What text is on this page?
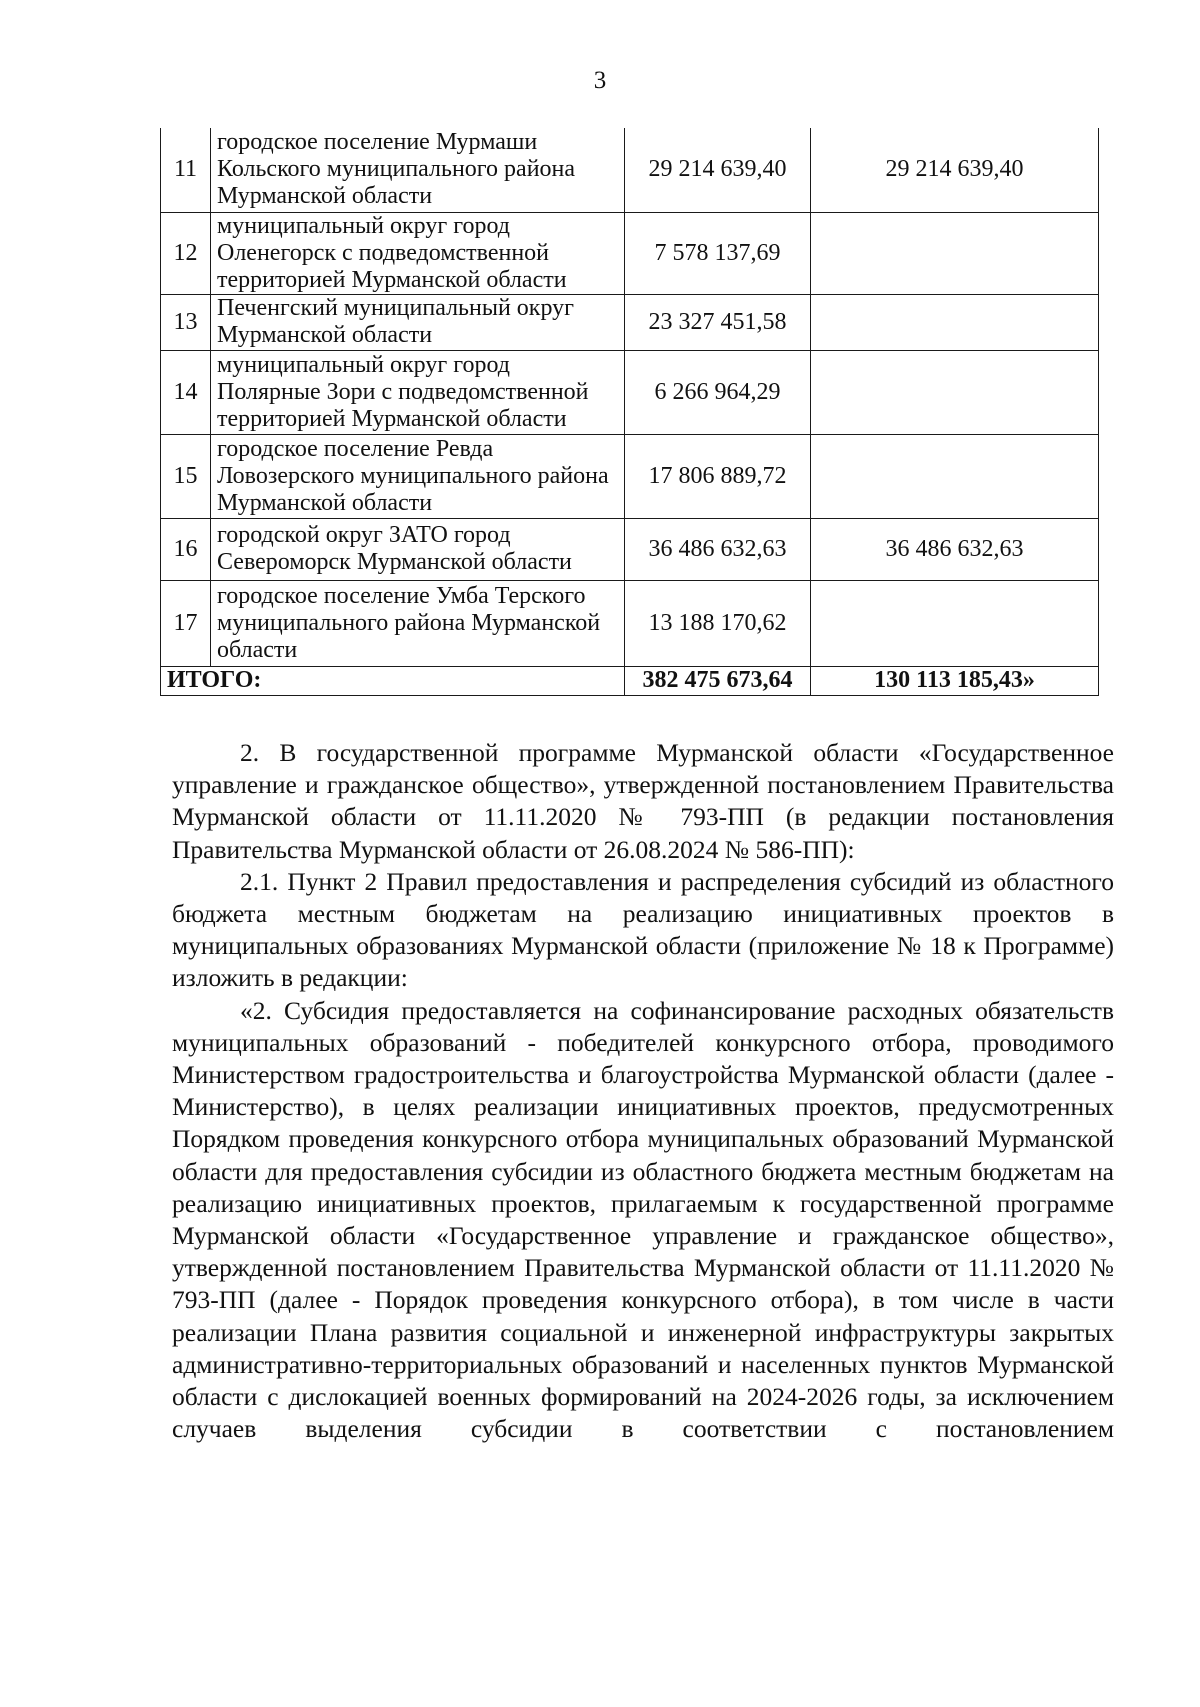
3
11	городское поселение Мурмаши Кольского муниципального района Мурманской области	29 214 639,40	29 214 639,40
12	муниципальный округ город Оленегорск с подведомственной территорией Мурманской области	7 578 137,69	
13	Печенгский муниципальный округ Мурманской области	23 327 451,58	
14	муниципальный округ город Полярные Зори с подведомственной территорией Мурманской области	6 266 964,29	
15	городское поселение Ревда Ловозерского муниципального района Мурманской области	17 806 889,72	
16	городской округ ЗАТО город Североморск Мурманской области	36 486 632,63	36 486 632,63
17	городское поселение Умба Терского муниципального района Мурманской области	13 188 170,62	
ИТОГО:		382 475 673,64	130 113 185,43»

2. В государственной программе Мурманской области «Государственное управление и гражданское общество», утвержденной постановлением Правительства Мурманской области от 11.11.2020 № 793-ПП (в редакции постановления Правительства Мурманской области от 26.08.2024 № 586-ПП):

2.1. Пункт 2 Правил предоставления и распределения субсидий из областного бюджета местным бюджетам на реализацию инициативных проектов в муниципальных образованиях Мурманской области (приложение № 18 к Программе) изложить в редакции:

«2. Субсидия предоставляется на софинансирование расходных обязательств муниципальных образований - победителей конкурсного отбора, проводимого Министерством градостроительства и благоустройства Мурманской области (далее - Министерство), в целях реализации инициативных проектов, предусмотренных Порядком проведения конкурсного отбора муниципальных образований Мурманской области для предоставления субсидии из областного бюджета местным бюджетам на реализацию инициативных проектов, прилагаемым к государственной программе Мурманской области «Государственное управление и гражданское общество», утвержденной постановлением Правительства Мурманской области от 11.11.2020 № 793-ПП (далее - Порядок проведения конкурсного отбора), в том числе в части реализации Плана развития социальной и инженерной инфраструктуры закрытых административно-территориальных образований и населенных пунктов Мурманской области с дислокацией военных формирований на 2024-2026 годы, за исключением случаев выделения субсидии в соответствии с постановлением
